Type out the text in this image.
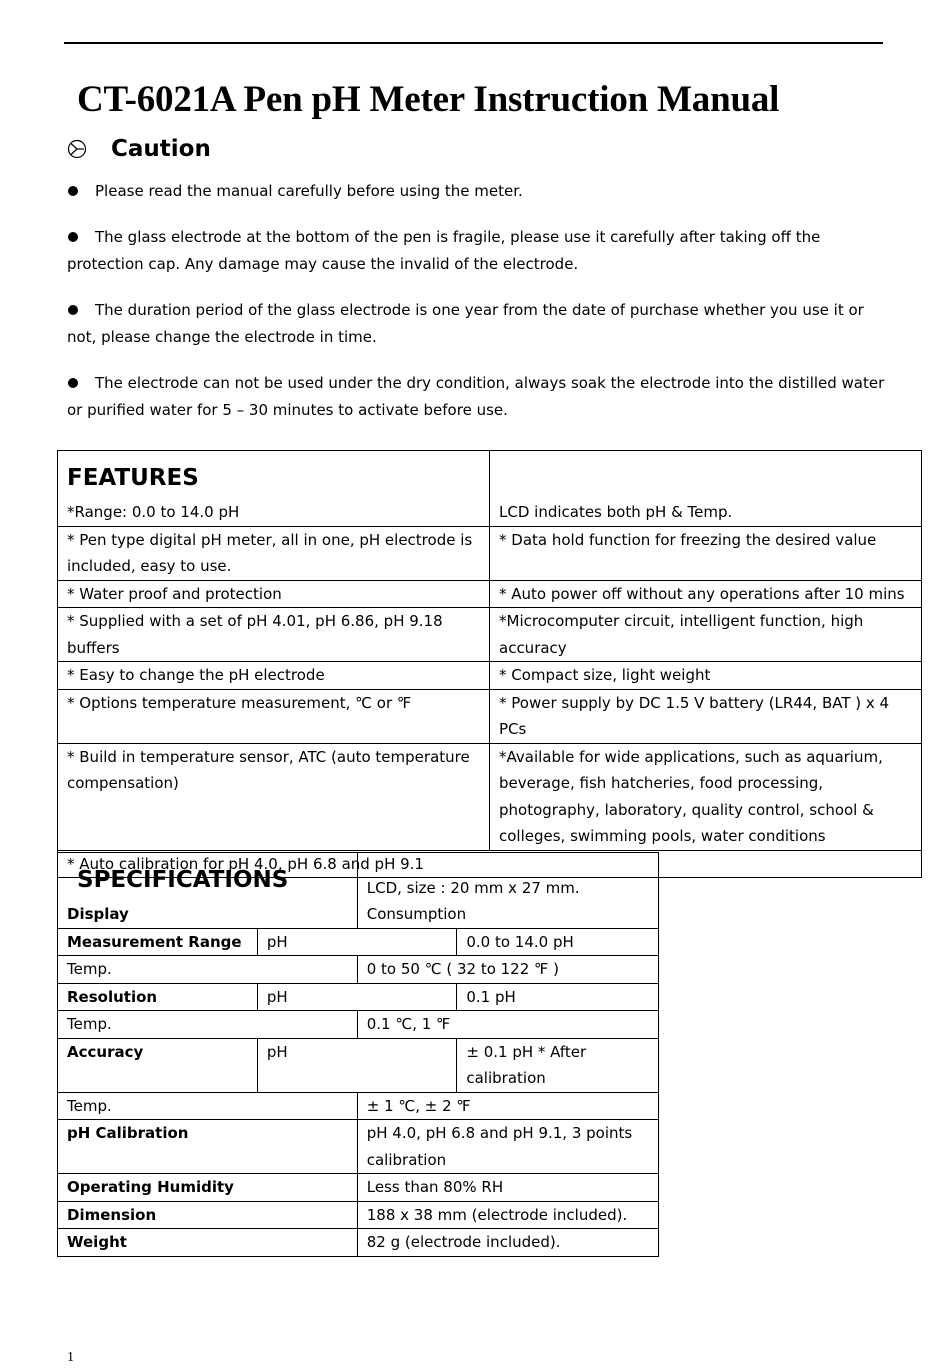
CT-6021A Pen pH Meter Instruction Manual
Caution
Please read the manual carefully before using the meter.
The glass electrode at the bottom of the pen is fragile, please use it carefully after taking off the protection cap. Any damage may cause the invalid of the electrode.
The duration period of the glass electrode is one year from the date of purchase whether you use it or not, please change the electrode in time.
The electrode can not be used under the dry condition, always soak the electrode into the distilled water or purified water for 5 – 30 minutes to activate before use.
FEATURES
*Range: 0.0 to 14.0 pH	LCD indicates both pH & Temp.
* Pen type digital pH meter, all in one, pH electrode is included, easy to use.	* Data hold function for freezing the desired value
* Water proof and protection	* Auto power off without any operations after 10 mins
* Supplied with a set of pH 4.01, pH 6.86, pH 9.18 buffers	*Microcomputer circuit, intelligent function, high accuracy
* Easy to change the pH electrode	* Compact size, light weight
* Options temperature measurement, ℃ or ℉	* Power supply by DC 1.5 V battery (LR44, BAT ) x 4 PCs
* Build in temperature sensor, ATC (auto temperature compensation)	*Available for wide applications, such as aquarium, beverage, fish hatcheries, food processing, photography, laboratory, quality control, school & colleges, swimming pools, water conditions
* Auto calibration for pH 4.0, pH 6.8 and pH 9.1	
SPECIFICATIONS
Display		LCD, size : 20 mm x 27 mm. Consumption	
Measurement Range	pH		0.0 to 14.0 pH
Temp.		0 to 50 ℃ ( 32 to 122 ℉ )	
Resolution	pH		0.1 pH
Temp.		0.1 ℃, 1 ℉	
Accuracy	pH		± 0.1 pH * After calibration
Temp.		± 1 ℃, ± 2 ℉	
pH Calibration		pH 4.0, pH 6.8 and pH 9.1, 3 points calibration	
Operating Humidity		Less than 80% RH	
Dimension		188 x 38 mm (electrode included).	
Weight		82 g (electrode included).	
1
